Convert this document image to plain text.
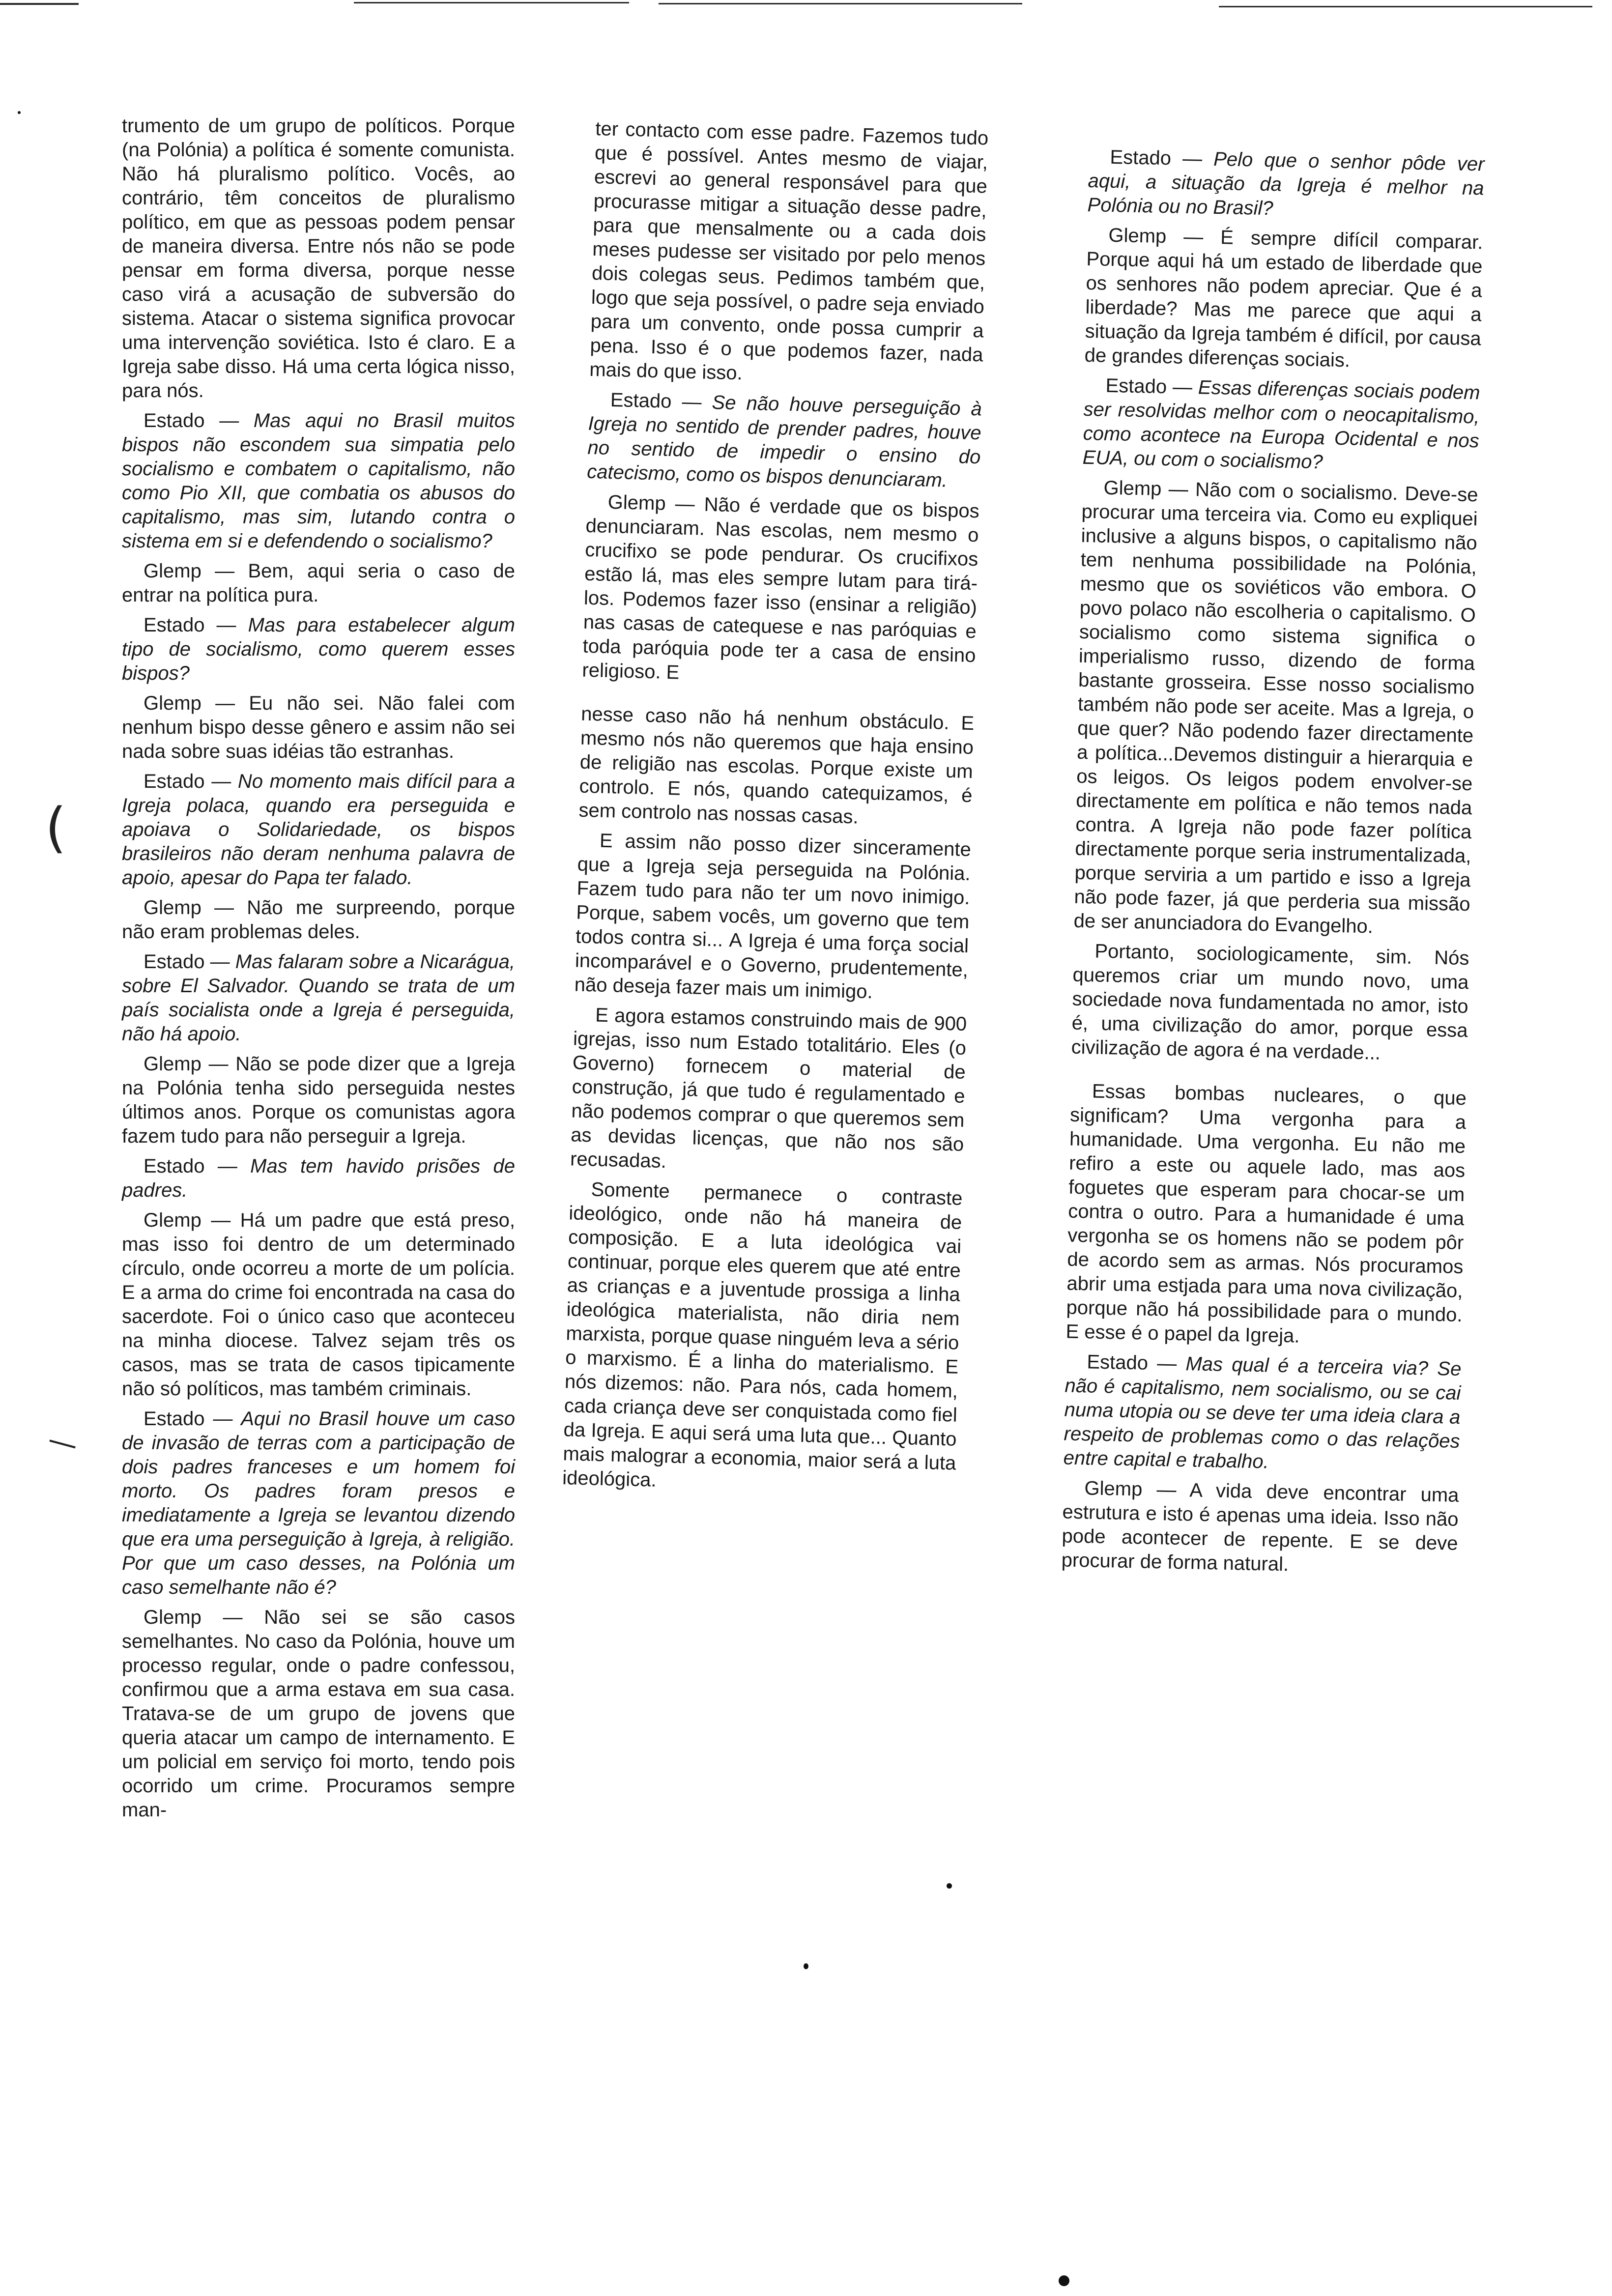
(
—

trumento de um grupo de políticos. Porque (na Polónia) a política é somente comunista. Não há pluralismo político. Vocês, ao contrário, têm conceitos de pluralismo político, em que as pessoas podem pensar de maneira diversa. Entre nós não se pode pensar em forma diversa, porque nesse caso virá a acusação de subversão do sistema. Atacar o sistema significa provocar uma intervenção soviética. Isto é claro. E a Igreja sabe disso. Há uma certa lógica nisso, para nós.

Estado — Mas aqui no Brasil muitos bispos não escondem sua simpatia pelo socialismo e combatem o capitalismo, não como Pio XII, que combatia os abusos do capitalismo, mas sim, lutando contra o sistema em si e defendendo o socialismo?

Glemp — Bem, aqui seria o caso de entrar na política pura.

Estado — Mas para estabelecer algum tipo de socialismo, como querem esses bispos?

Glemp — Eu não sei. Não falei com nenhum bispo desse gênero e assim não sei nada sobre suas idéias tão estranhas.

Estado — No momento mais difícil para a Igreja polaca, quando era perseguida e apoiava o Solidariedade, os bispos brasileiros não deram nenhuma palavra de apoio, apesar do Papa ter falado.

Glemp — Não me surpreendo, porque não eram problemas deles.

Estado — Mas falaram sobre a Nicarágua, sobre El Salvador. Quando se trata de um país socialista onde a Igreja é perseguida, não há apoio.

Glemp — Não se pode dizer que a Igreja na Polónia tenha sido perseguida nestes últimos anos. Porque os comunistas agora fazem tudo para não perseguir a Igreja.

Estado — Mas tem havido prisões de padres.

Glemp — Há um padre que está preso, mas isso foi dentro de um determinado círculo, onde ocorreu a morte de um polícia. E a arma do crime foi encontrada na casa do sacerdote. Foi o único caso que aconteceu na minha diocese. Talvez sejam três os casos, mas se trata de casos tipicamente não só políticos, mas também criminais.

Estado — Aqui no Brasil houve um caso de invasão de terras com a participação de dois padres franceses e um homem foi morto. Os padres foram presos e imediatamente a Igreja se levantou dizendo que era uma perseguição à Igreja, à religião. Por que um caso desses, na Polónia um caso semelhante não é?

Glemp — Não sei se são casos semelhantes. No caso da Polónia, houve um processo regular, onde o padre confessou, confirmou que a arma estava em sua casa. Tratava-se de um grupo de jovens que queria atacar um campo de internamento. E um policial em serviço foi morto, tendo pois ocorrido um crime. Procuramos sempre man-

ter contacto com esse padre. Fazemos tudo que é possível. Antes mesmo de viajar, escrevi ao general responsável para que procurasse mitigar a situação desse padre, para que mensalmente ou a cada dois meses pudesse ser visitado por pelo menos dois colegas seus. Pedimos também que, logo que seja possível, o padre seja enviado para um convento, onde possa cumprir a pena. Isso é o que podemos fazer, nada mais do que isso.

Estado — Se não houve perseguição à Igreja no sentido de prender padres, houve no sentido de impedir o ensino do catecismo, como os bispos denunciaram.

Glemp — Não é verdade que os bispos denunciaram. Nas escolas, nem mesmo o crucifixo se pode pendurar. Os crucifixos estão lá, mas eles sempre lutam para tirá-los. Podemos fazer isso (ensinar a religião) nas casas de catequese e nas paróquias e toda paróquia pode ter a casa de ensino religioso. E

nesse caso não há nenhum obstáculo. E mesmo nós não queremos que haja ensino de religião nas escolas. Porque existe um controlo. E nós, quando catequizamos, é sem controlo nas nossas casas.

E assim não posso dizer sinceramente que a Igreja seja perseguida na Polónia. Fazem tudo para não ter um novo inimigo. Porque, sabem vocês, um governo que tem todos contra si... A Igreja é uma força social incomparável e o Governo, prudentemente, não deseja fazer mais um inimigo.

E agora estamos construindo mais de 900 igrejas, isso num Estado totalitário. Eles (o Governo) fornecem o material de construção, já que tudo é regulamentado e não podemos comprar o que queremos sem as devidas licenças, que não nos são recusadas.

Somente permanece o contraste ideológico, onde não há maneira de composição. E a luta ideológica vai continuar, porque eles querem que até entre as crianças e a juventude prossiga a linha ideológica materialista, não diria nem marxista, porque quase ninguém leva a sério o marxismo. É a linha do materialismo. E nós dizemos: não. Para nós, cada homem, cada criança deve ser conquistada como fiel da Igreja. E aqui será uma luta que... Quanto mais malograr a economia, maior será a luta ideológica.

Estado — Pelo que o senhor pôde ver aqui, a situação da Igreja é melhor na Polónia ou no Brasil?

Glemp — É sempre difícil comparar. Porque aqui há um estado de liberdade que os senhores não podem apreciar. Que é a liberdade? Mas me parece que aqui a situação da Igreja também é difícil, por causa de grandes diferenças sociais.

Estado — Essas diferenças sociais podem ser resolvidas melhor com o neocapitalismo, como acontece na Europa Ocidental e nos EUA, ou com o socialismo?

Glemp — Não com o socialismo. Deve-se procurar uma terceira via. Como eu expliquei inclusive a alguns bispos, o capitalismo não tem nenhuma possibilidade na Polónia, mesmo que os soviéticos vão embora. O povo polaco não escolheria o capitalismo. O socialismo como sistema significa o imperialismo russo, dizendo de forma bastante grosseira. Esse nosso socialismo também não pode ser aceite. Mas a Igreja, o que quer? Não podendo fazer directamente a política...Devemos distinguir a hierarquia e os leigos. Os leigos podem envolver-se directamente em política e não temos nada contra. A Igreja não pode fazer política directamente porque seria instrumentalizada, porque serviria a um partido e isso a Igreja não pode fazer, já que perderia sua missão de ser anunciadora do Evangelho.

Portanto, sociologicamente, sim. Nós queremos criar um mundo novo, uma sociedade nova fundamentada no amor, isto é, uma civilização do amor, porque essa civilização de agora é na verdade...

Essas bombas nucleares, o que significam? Uma vergonha para a humanidade. Uma vergonha. Eu não me refiro a este ou aquele lado, mas aos foguetes que esperam para chocar-se um contra o outro. Para a humanidade é uma vergonha se os homens não se podem pôr de acordo sem as armas. Nós procuramos abrir uma estjada para uma nova civilização, porque não há possibilidade para o mundo. E esse é o papel da Igreja.

Estado — Mas qual é a terceira via? Se não é capitalismo, nem socialismo, ou se cai numa utopia ou se deve ter uma ideia clara a respeito de problemas como o das relações entre capital e trabalho.

Glemp — A vida deve encontrar uma estrutura e isto é apenas uma ideia. Isso não pode acontecer de repente. E se deve procurar de forma natural.
